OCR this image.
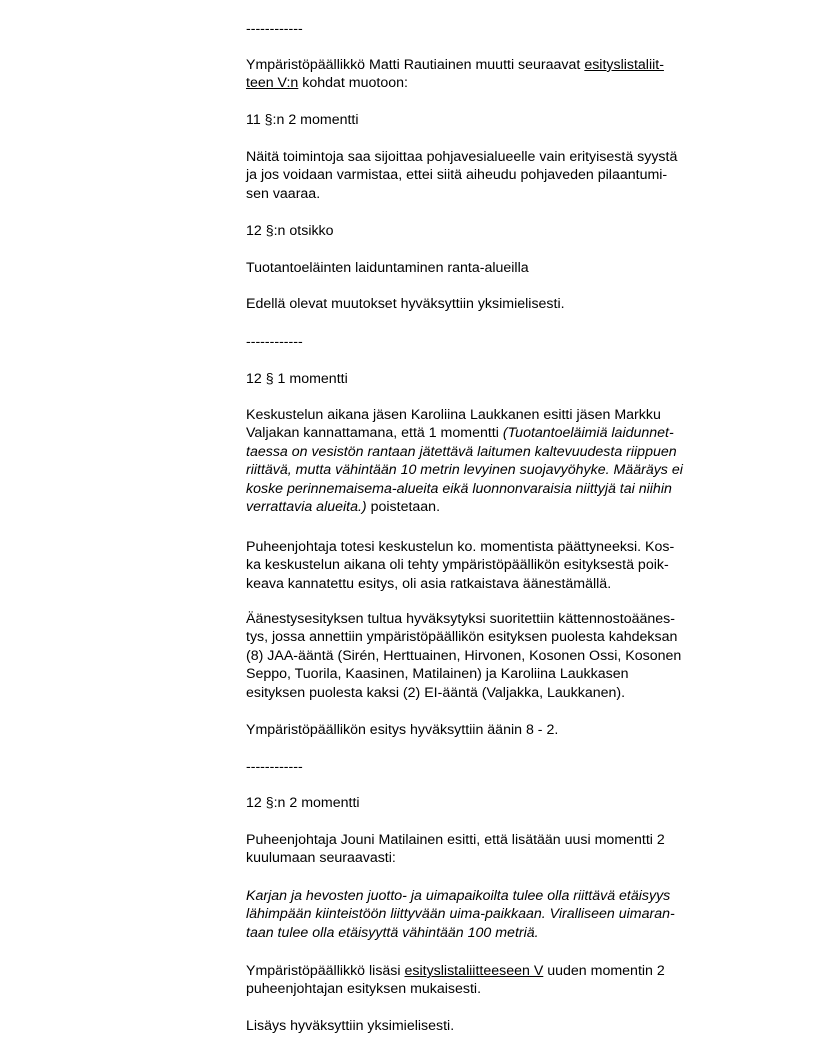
------------

Ympäristöpäällikkö Matti Rautiainen muutti seuraavat esityslistaliit-
teen V:n kohdat muotoon:

11 §:n 2 momentti

Näitä toimintoja saa sijoittaa pohjavesialueelle vain erityisestä syystä
ja jos voidaan varmistaa, ettei siitä aiheudu pohjaveden pilaantumi-
sen vaaraa.

12 §:n otsikko

Tuotantoeläinten laiduntaminen ranta-alueilla

Edellä olevat muutokset hyväksyttiin yksimielisesti.

------------

12 § 1 momentti

Keskustelun aikana jäsen Karoliina Laukkanen esitti jäsen Markku
Valjakan kannattamana, että 1 momentti (Tuotantoeläimiä laidunnet-
taessa on vesistön rantaan jätettävä laitumen kaltevuudesta riippuen
riittävä, mutta vähintään 10 metrin levyinen suojavyöhyke. Määräys ei
koske perinnemaisema-alueita eikä luonnonvaraisia niittyjä tai niihin
verrattavia alueita.) poistetaan.

Puheenjohtaja totesi keskustelun ko. momentista päättyneeksi. Kos-
ka keskustelun aikana oli tehty ympäristöpäällikön esityksestä poik-
keava kannatettu esitys, oli asia ratkaistava äänestämällä.

Äänestysesityksen tultua hyväksytyksi suoritettiin kättennostoäänes-
tys, jossa annettiin ympäristöpäällikön esityksen puolesta kahdeksan
(8) JAA-ääntä (Sirén, Herttuainen, Hirvonen, Kosonen Ossi, Kosonen
Seppo, Tuorila, Kaasinen, Matilainen) ja Karoliina Laukkasen
esityksen puolesta kaksi (2) EI-ääntä (Valjakka, Laukkanen).

Ympäristöpäällikön esitys hyväksyttiin äänin 8 - 2.

------------

12 §:n 2 momentti

Puheenjohtaja Jouni Matilainen esitti, että lisätään uusi momentti 2
kuulumaan seuraavasti:

Karjan ja hevosten juotto- ja uimapaikoilta tulee olla riittävä etäisyys
lähimpään kiinteistöön liittyvään uima-paikkaan. Viralliseen uimaran-
taan tulee olla etäisyyttä vähintään 100 metriä.

Ympäristöpäällikkö lisäsi esityslistaliitteeseen V uuden momentin 2
puheenjohtajan esityksen mukaisesti.

Lisäys hyväksyttiin yksimielisesti.
